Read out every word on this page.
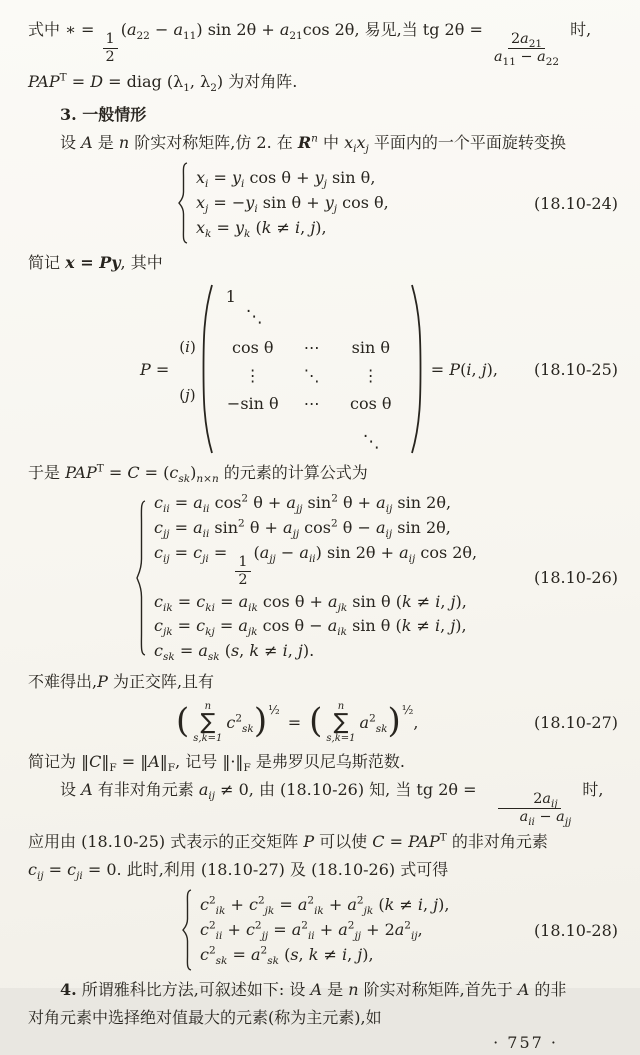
式中 ∗ =
$\frac{1}{2}$
$(a_{22} - a_{11})$ $\sin 2\theta + a_{21}\cos$ 2θ, 易见,当 tg 2θ =
$\frac{2a_{21}}{a_{11} - a_{22}}$
时,
$PAP^T = D$ = diag ($\lambda_1$, $\lambda_2$) 为对角阵.
3. 一般情形
设 A 是 n 阶实对称矩阵,仿 2. 在 $R^n$ 中 $x_ix_j$ 平面内的一个平面旋转变换
$x_i = y_i$ $\cos \theta + y_j$ sin θ,
$x_j = -y_i$ $\sin \theta + y_j$ cos θ,
$x_k = y_k$ (k ≠ i, j),
(18.10-24)
简记 x = Py, 其中
P =
(i)
(j)
1
⋱
cos θ ⋯ sin θ
⋮	⋱	⋮
−sin θ ⋯ cos θ
⋱
= P(i, j),	(18.10-25)
于是 $PAP^T = C = (c_{sk})_{n\times n}$ 的元素的计算公式为
$c_{ii} = a_{ii}$ $\cos^2 \theta + a_{jj}$ $\sin^2 \theta + a_{ij}$ sin 2θ,
$c_{jj} = a_{ii}$ $\sin^2 \theta + a_{jj}$ $\cos^2 \theta - a_{ij}$ sin 2θ,
$c_{ij} = c_{ji}$ =
$\frac{1}{2}$
$(a_{jj} - a_{ii})$ $\sin 2\theta + a_{ij}$ cos 2θ,
$c_{ik} = c_{ki} = a_{ik}$ $\cos \theta + a_{jk}$ sin θ (k ≠ i, j),
$c_{jk} = c_{kj} = a_{jk}$ $\cos \theta - a_{ik}$ sin θ (k ≠ i, j),
$c_{sk} = a_{sk}$ (s, k ≠ i, j).
(18.10-26)
不难得出,P 为正交阵,且有
( n
∑
s,k=1
$c^2_{sk}$ ) ½
= ( n
∑
s,k=1
$a^2_{sk}$ ) ½
,	(18.10-27)
简记为 $‖C‖_F$ = $‖A‖_F$, 记号 $‖\cdot‖_F$ 是弗罗贝尼乌斯范数.
设 A 有非对角元素 $a_{ij} \ne 0$, 由 (18.10-26) 知, 当 tg 2θ =
$\frac{2a_{ij}}{a_{ii} - a_{jj}}$
时,
应用由 (18.10-25) 式表示的正交矩阵 P 可以使 $C = PAP^T$ 的非对角元素
$c_{ij} = c_{ji} = 0$. 此时,利用 (18.10-27) 及 (18.10-26) 式可得
$c^2_{ik} + c^2_{jk} = a^2_{ik} + a^2_{jk}$ (k ≠ i, j),
$c^2_{ii} + c^2_{jj} = a^2_{ii} + a^2_{jj} + 2a^2_{ij}$,
$c^2_{sk} = a^2_{sk}$ (s, k ≠ i, j),
(18.10-28)
4. 所谓雅科比方法,可叙述如下: 设 A 是 n 阶实对称矩阵,首先于 A 的非
对角元素中选择绝对值最大的元素(称为主元素),如
· 757 ·
